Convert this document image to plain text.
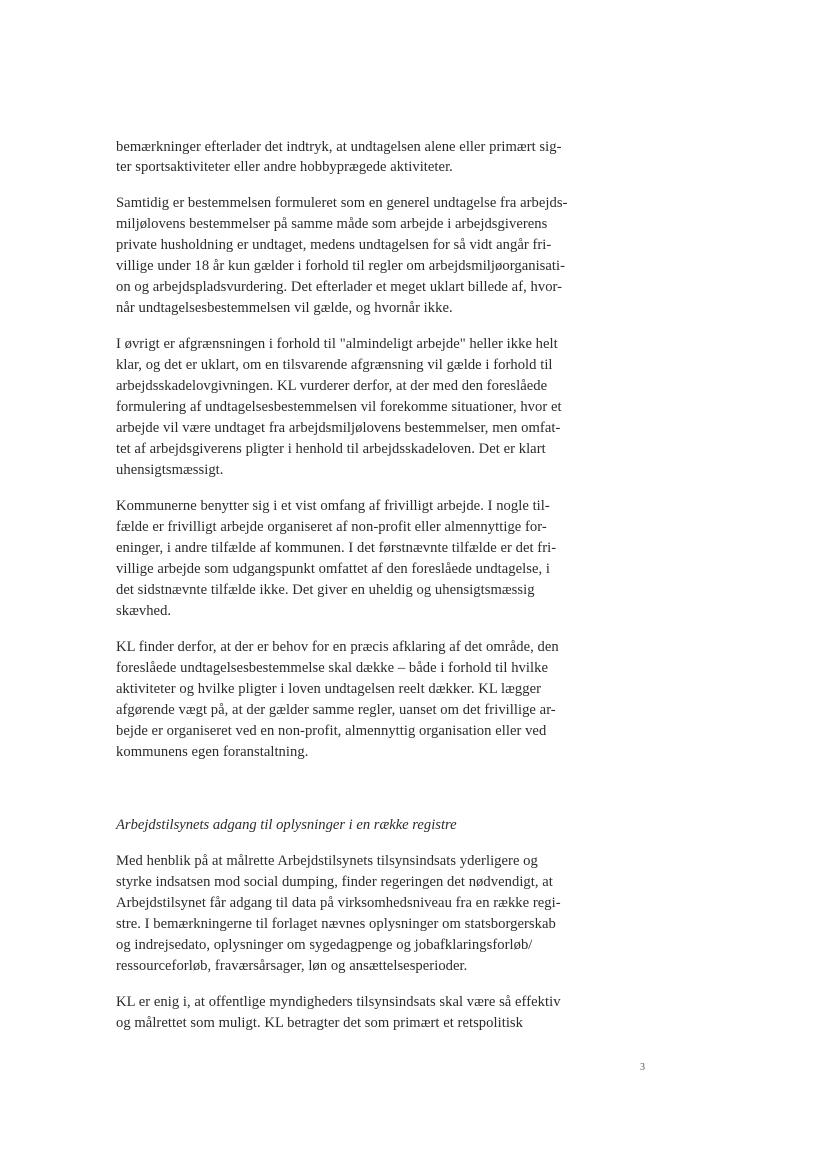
bemærkninger efterlader det indtryk, at undtagelsen alene eller primært sig-
ter sportsaktiviteter eller andre hobbyprægede aktiviteter.
Samtidig er bestemmelsen formuleret som en generel undtagelse fra arbejds-
miljølovens bestemmelser på samme måde som arbejde i arbejdsgiverens
private husholdning er undtaget, medens undtagelsen for så vidt angår fri-
villige under 18 år kun gælder i forhold til regler om arbejdsmiljøorganisati-
on og arbejdspladsvurdering. Det efterlader et meget uklart billede af, hvor-
når undtagelsesbestemmelsen vil gælde, og hvornår ikke.
I øvrigt er afgrænsningen i forhold til "almindeligt arbejde" heller ikke helt
klar, og det er uklart, om en tilsvarende afgrænsning vil gælde i forhold til
arbejdsskadelovgivningen. KL vurderer derfor, at der med den foreslåede
formulering af undtagelsesbestemmelsen vil forekomme situationer, hvor et
arbejde vil være undtaget fra arbejdsmiljølovens bestemmelser, men omfat-
tet af arbejdsgiverens pligter i henhold til arbejdsskadeloven. Det er klart
uhensigtsmæssigt.
Kommunerne benytter sig i et vist omfang af frivilligt arbejde. I nogle til-
fælde er frivilligt arbejde organiseret af non-profit eller almennyttige for-
eninger, i andre tilfælde af kommunen. I det førstnævnte tilfælde er det fri-
villige arbejde som udgangspunkt omfattet af den foreslåede undtagelse, i
det sidstnævnte tilfælde ikke. Det giver en uheldig og uhensigtsmæssig
skævhed.
KL finder derfor, at der er behov for en præcis afklaring af det område, den
foreslåede undtagelsesbestemmelse skal dække – både i forhold til hvilke
aktiviteter og hvilke pligter i loven undtagelsen reelt dækker. KL lægger
afgørende vægt på, at der gælder samme regler, uanset om det frivillige ar-
bejde er organiseret ved en non-profit, almennyttig organisation eller ved
kommunens egen foranstaltning.
Arbejdstilsynets adgang til oplysninger i en række registre
Med henblik på at målrette Arbejdstilsynets tilsynsindsats yderligere og
styrke indsatsen mod social dumping, finder regeringen det nødvendigt, at
Arbejdstilsynet får adgang til data på virksomhedsniveau fra en række regi-
stre. I bemærkningerne til forlaget nævnes oplysninger om statsborgerskab
og indrejsedato, oplysninger om sygedagpenge og jobafklaringsforløb/
ressourceforløb, fraværsårsager, løn og ansættelsesperioder.
KL er enig i, at offentlige myndigheders tilsynsindsats skal være så effektiv
og målrettet som muligt. KL betragter det som primært et retspolitisk
3
